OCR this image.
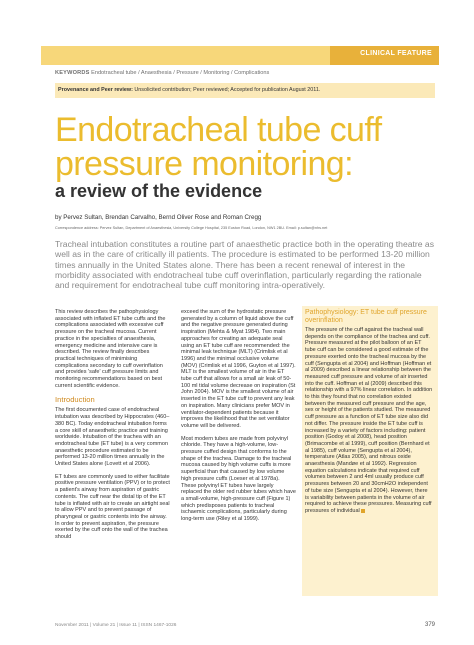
CLINICAL FEATURE
KEYWORDS Endotracheal tube / Anaesthesia / Pressure / Monitoring / Complications
Provenance and Peer review: Unsolicited contribution; Peer reviewed; Accepted for publication August 2011.
Endotracheal tube cuff pressure monitoring:
a review of the evidence
by Pervez Sultan, Brendan Carvalho, Bernd Oliver Rose and Roman Cregg
Correspondence address: Pervez Sultan, Department of Anaesthesia, University College Hospital, 235 Euston Road, London, NW1 2BU. Email: p.sultan@nhs.net

Tracheal intubation constitutes a routine part of anaesthetic practice both in the operating theatre as well as in the care of critically ill patients. The procedure is estimated to be performed 13-20 million times annually in the United States alone. There has been a recent renewal of interest in the morbidity associated with endotracheal tube cuff overinflation, particularly regarding the rationale and requirement for endotracheal tube cuff monitoring intra-operatively.

This review describes the pathophysiology associated with inflated ET tube cuffs and the complications associated with excessive cuff pressure on the tracheal mucosa. Current practice in the specialties of anaesthesia, emergency medicine and intensive care is described. The review finally describes practical techniques of minimising complications secondary to cuff overinflation and provides 'safe' cuff pressure limits and monitoring recommendations based on best current scientific evidence.

Introduction

The first documented case of endotracheal intubation was described by Hippocrates (460–380 BC). Today endotracheal intubation forms a core skill of anaesthetic practice and training worldwide. Intubation of the trachea with an endotracheal tube (ET tube) is a very common anaesthetic procedure estimated to be performed 13-20 million times annually in the United States alone (Lovett et al 2006).

ET tubes are commonly used to either facilitate positive pressure ventilation (PPV) or to protect a patient's airway from aspiration of gastric contents. The cuff near the distal tip of the ET tube is inflated with air to create an airtight seal to allow PPV and to prevent passage of pharyngeal or gastric contents into the airway. In order to prevent aspiration, the pressure exerted by the cuff onto the wall of the trachea should

exceed the sum of the hydrostatic pressure generated by a column of liquid above the cuff and the negative pressure generated during inspiration (Mehta & Myat 1984). Two main approaches for creating an adequate seal using an ET tube cuff are recommended: the minimal leak technique (MLT) (Crimlisk et al 1996) and the minimal occlusive volume (MOV) (Crimlisk et al 1996, Guyton et al 1997). MLT is the smallest volume of air in the ET tube cuff that allows for a small air leak of 50-100 ml tidal volume decrease on inspiration (St John 2004). MOV is the smallest volume of air inserted in the ET tube cuff to prevent any leak on inspiration. Many clinicians prefer MOV in ventilator-dependent patients because it improves the likelihood that the set ventilator volume will be delivered.

Most modern tubes are made from polyvinyl chloride. They have a high-volume, low-pressure cuffed design that conforms to the shape of the trachea. Damage to the tracheal mucosa caused by high volume cuffs is more superficial than that caused by low volume high pressure cuffs (Loeser et al 1978a). These polyvinyl ET tubes have largely replaced the older red rubber tubes which have a small-volume, high-pressure cuff (Figure 1) which predisposes patients to tracheal ischaemic complications, particularly during long-term use (Riley et al 1999).

Pathophysiology: ET tube cuff pressure overinflation

The pressure of the cuff against the tracheal wall depends on the compliance of the trachea and cuff. Pressure measured at the pilot balloon of an ET tube cuff can be considered a good estimate of the pressure exerted onto the tracheal mucosa by the cuff (Sengupta et al 2004) and Hoffman (Hoffman et al 2009) described a linear relationship between the measured cuff pressure and volume of air inserted into the cuff. Hoffman et al (2009) described this relationship with a 97% linear correlation. In addition to this they found that no correlation existed between the measured cuff pressure and the age, sex or height of the patients studied. The measured cuff pressure as a function of ET tube size also did not differ. The pressure inside the ET tube cuff is increased by a variety of factors including: patient position (Godoy et al 2008), head position (Brimacombe et al 1999), cuff position (Bernhard et al 1985), cuff volume (Sengupta et al 2004), temperature (Atlas 2005), and nitrous oxide anaesthesia (Mandøe et al 1992). Regression equation calculations indicate that required cuff volumes between 2 and 4ml usually produce cuff pressures between 20 and 30cmH2O independent of tube size (Sengupta et al 2004). However, there is variability between patients in the volume of air required to achieve these pressures. Measuring cuff pressures of individual

November 2011 | Volume 21 | Issue 11 | ISSN 1467-1026	379
